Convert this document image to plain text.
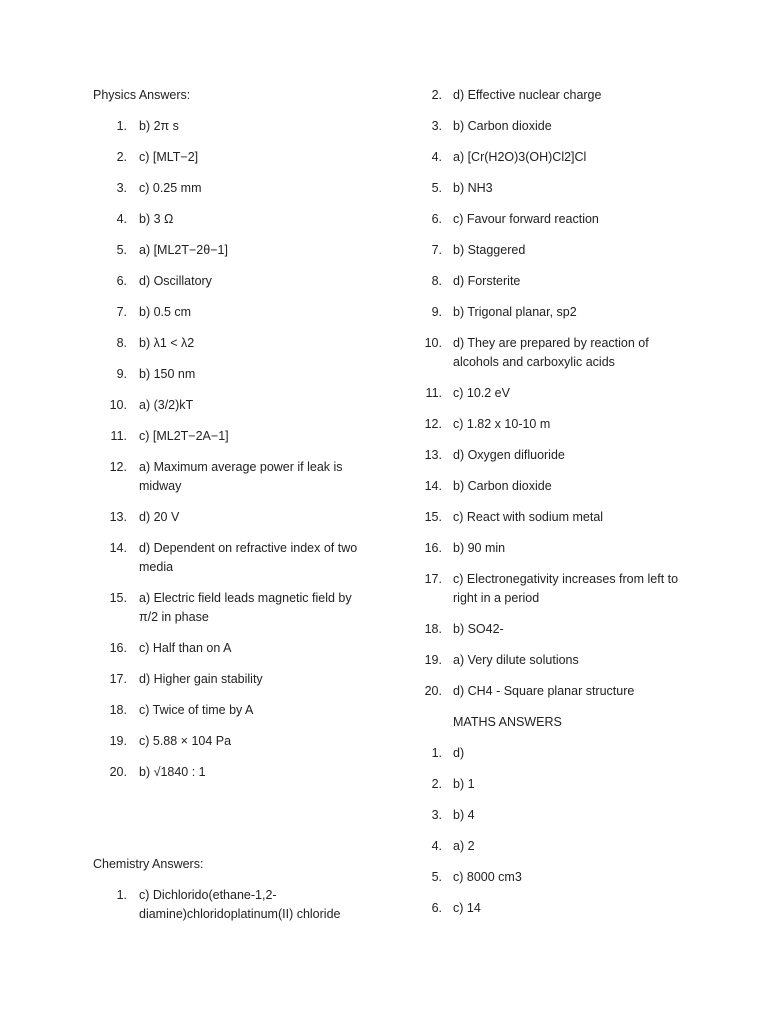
Physics Answers:
1. b) 2π s
2. c) [MLT−2]
3. c) 0.25 mm
4. b) 3 Ω
5. a) [ML2T−2θ−1]
6. d) Oscillatory
7. b) 0.5 cm
8. b) λ1 < λ2
9. b) 150 nm
10. a) (3/2)kT
11. c) [ML2T−2A−1]
12. a) Maximum average power if leak is midway
13. d) 20 V
14. d) Dependent on refractive index of two media
15. a) Electric field leads magnetic field by π/2 in phase
16. c) Half than on A
17. d) Higher gain stability
18. c) Twice of time by A
19. c) 5.88 × 104 Pa
20. b) √1840 : 1
Chemistry Answers:
1. c) Dichlorido(ethane-1,2-diamine)chloridoplatinum(II) chloride
2. d) Effective nuclear charge
3. b) Carbon dioxide
4. a) [Cr(H2O)3(OH)Cl2]Cl
5. b) NH3
6. c) Favour forward reaction
7. b) Staggered
8. d) Forsterite
9. b) Trigonal planar, sp2
10. d) They are prepared by reaction of alcohols and carboxylic acids
11. c) 10.2 eV
12. c) 1.82 x 10-10 m
13. d) Oxygen difluoride
14. b) Carbon dioxide
15. c) React with sodium metal
16. b) 90 min
17. c) Electronegativity increases from left to right in a period
18. b) SO42-
19. a) Very dilute solutions
20. d) CH4 - Square planar structure
MATHS ANSWERS
1. d)
2. b) 1
3. b) 4
4. a) 2
5. c) 8000 cm3
6. c) 14
